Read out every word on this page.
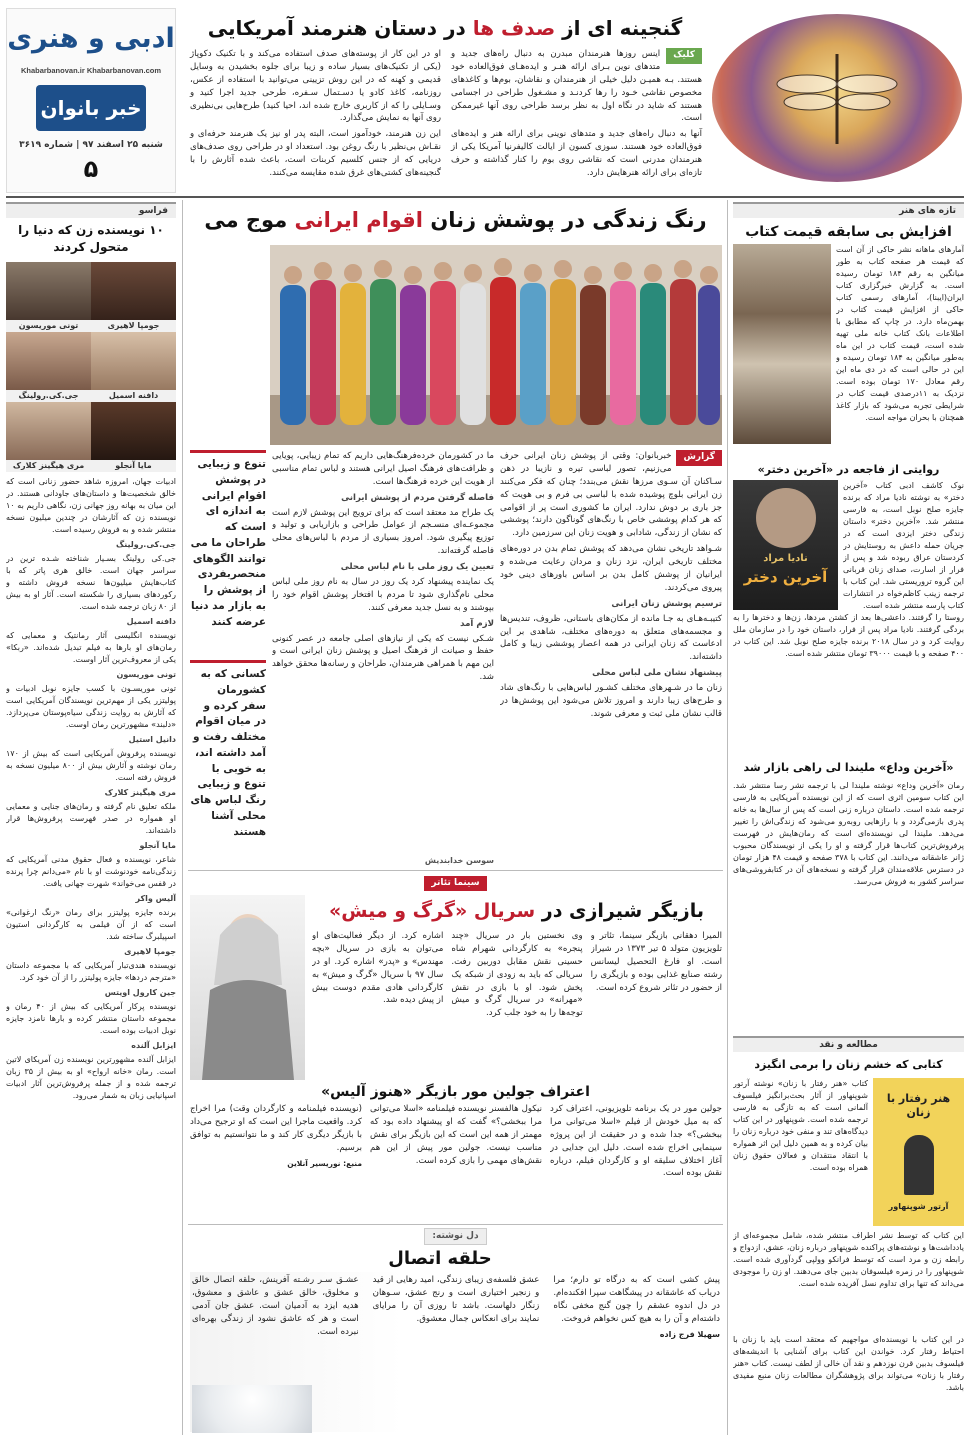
ادبی و هنری
Khabarbanovan.ir Khabarbanovan.com
خبر بانوان
شنبه ۲۵ اسفند ۹۷ | شماره ۳۶۱۹
۵
گنجینه ای از صدف ها در دستان هنرمند آمریکایی
کلیک

اینس روزها هنرمندان مبدرن به دنبال راه‌های جدید و متدهای نوین بـرای ارائه هنـر و ایده‌هـای فوق‌العاده خود هستند. بـه همیـن دلیل خیلی از هنرمندان و نقاشان، بوم‌ها و کاغذهای مخصوص نقاشی خـود را رها کردنـد و مشـغول طراحی در اجسامی هستند که شاید در نگاه اول به نظر برسد طراحی روی آنها غیرممکن است.

آنها به دنبال راه‌های جدید و متدهای نوینی برای ارائه هنر و ایده‌های فوق‌العاده خود هستند. سوزی کسون از ایالت کالیفرنیا آمریکا یکی از هنرمندان مدرنی است که نقاشی روی بوم را کنار گذاشته و حرف تازه‌ای برای ارائه هنرهایش دارد.

او در این کار از پوسته‌های صدف استفاده می‌کند و با تکنیک دکوپاژ (یکی از تکنیک‌های بسیار ساده و زیبا برای جلوه بخشیدن به وسایل قدیمی و کهنه که در این روش تزیینی می‌توانید با استفاده از عکس، روزنامه، کاغذ کادو یا دسـتمال سـفره، طرحی جدید اجرا کنید و وسـایلی را که از کاربری خارج شده اند، احیا کنید) طرح‌هایی بی‌نظیری روی آنها به نمایش می‌گذارد.

این زن هنرمند، خودآموز است، البته پدر او نیز یک هنرمند حرفه‌ای و نقـاش بی‌نظیر با رنگ روغن بود. استعداد او در طراحی روی صدف‌های دریایی که از جنس کلسیم کربنات است، باعث شده آثارش را با گنجینه‌های کشتی‌های غرق شده مقایسه می‌کنند.

تازه های هنر
افزایش بی سابقه قیمت کتاب
آمارهای ماهانه نشر حاکی از آن است که قیمت هر صفحه کتاب به طور میانگین به رقم ۱۸۴ تومان رسیده است. به گزارش خبرگزاری کتاب ایران(ایبنا)، آمارهای رسمی کتاب حاکی از افزایش قیمت کتاب در بهمن‌ماه دارد. در چاپ که مطابق با اطلاعات بانک کتاب خانه ملی تهیه شده است، قیمت کتاب در این ماه به‌طور میانگین به ۱۸۴ تومان رسیده و این در حالی است که در دی ماه این رقم معادل ۱۷۰ تومان بوده است. نزدیک به ۱۱درصدی قیمت کتاب در شرایطی تجربه می‌شود که بازار کاغذ همچنان با بحران مواجه است.
روایتی از فاجعه در «آخرین دختر»
نادیا مراد
آخرین دختر
نوک کاشف ادبی کتاب «آخرین دختر» به نوشته نادیا مراد که برنده جایزه صلح نوبل است، به فارسی منتشر شد. «آخرین دختر» داستان زندگی دختر ایزدی است که در جریان حمله داعش به روستایش در کردستان عراق ربوده شد و پس از فرار از اسارت، صدای زنان قربانی این گروه تروریستی شد. این کتاب با ترجمه زینب کاظم‌خواه در انتشارات کتاب پارسه منتشر شده است.
روستا را گرفتند. داعشی‌ها بعد از کشتن مردها، زن‌ها و دخترها را به بردگی گرفتند. نادیا مراد پس از فرار، داستان خود را در سازمان ملل روایت کرد و در سال ۲۰۱۸ برنده جایزه صلح نوبل شد. این کتاب در ۴۰۰ صفحه و با قیمت ۳۹۰۰۰ تومان منتشر شده است.
«آخرین وداع» ملیندا لی راهی بازار شد
رمان «آخرین وداع» نوشته ملیندا لی با ترجمه نشر رسا منتشر شد. این کتاب سومین اثری است که از این نویسنده آمریکایی به فارسی ترجمه شده است. داستان درباره زنی است که پس از سال‌ها به خانه پدری بازمی‌گردد و با رازهایی روبه‌رو می‌شود که زندگی‌اش را تغییر می‌دهد. ملیندا لی نویسنده‌ای است که رمان‌هایش در فهرست پرفروش‌ترین کتاب‌ها قرار گرفته و او را یکی از نویسندگان محبوب ژانر عاشقانه می‌دانند. این کتاب با ۳۷۸ صفحه و قیمت ۴۸ هزار تومان در دسترس علاقه‌مندان قرار گرفته و نسخه‌های آن در کتابفروشی‌های سراسر کشور به فروش می‌رسد.
مطالعه و نقد
کتابی که خشم زنان را برمی انگیزد
کتاب «هنر رفتار با زنان» نوشته آرتور شوپنهاور از آثار بحث‌برانگیز فیلسوف آلمانی است که به تازگی به فارسی ترجمه شده است. شوپنهاور در این کتاب دیدگاه‌های تند و منفی خود درباره زنان را بیان کرده و به همین دلیل این اثر همواره با انتقاد منتقدان و فعالان حقوق زنان همراه بوده است.
هنر رفتار با زنان
آرتور شوپنهاور
این کتاب که توسط نشر اطراف منتشر شده، شامل مجموعه‌ای از یادداشت‌ها و نوشته‌های پراکنده شوپنهاور درباره زنان، عشق، ازدواج و رابطه زن و مرد است که توسط فرانکو وولپی گردآوری شده است. شوپنهاور را در زمره فیلسوفان بدبین جای می‌دهند. او زن را موجودی می‌داند که تنها برای تداوم نسل آفریده شده است.
در این کتاب با نویسنده‌ای مواجهیم که معتقد است باید با زنان با احتیاط رفتار کرد. خواندن این کتاب برای آشنایی با اندیشه‌های فیلسوف بدبین قرن نوزدهم و نقد آن خالی از لطف نیست. کتاب «هنر رفتار با زنان» می‌تواند برای پژوهشگران مطالعات زنان منبع مفیدی باشد.
رنگ زندگی در پوشش زنان اقوام ایرانی موج می
تنوع و زیبایی در پوشش اقوام ایرانی به اندازه ای است که طراحان ما می توانند الگوهای منحصربفردی از پوشش را به بازار مد دنیا عرضه کنند
کسانی که به کشورمان سفر کرده و در میان اقوام مختلف رفت و آمد داشته اند، به خوبی با تنوع و زیبایی رنگ لباس های محلی آشنا هستند
گزارش

خبربانوان: وقتی از پوشش زنان ایرانی حرف می‌زنیم، تصور لباسی تیره و نازیبا در ذهن سـاکنان آن سـوی مرزها نقش می‌بندد؛ چنان که فکر می‌کنند زن ایرانی بلوچ پوشیده شده با لباسی بی فرم و بی هویت که جز باری بر دوش ندارد. ایران ما کشوری است پر از اقوامی که هر کدام پوششی خاص با رنگ‌های گوناگون دارند؛ پوششی که نشان از زندگی، شادابی و هویت زنان این سرزمین دارد.

شـواهد تاریخی نشان می‌دهد که پوشش تمام بدن در دوره‌های مختلف تاریخی ایران، نزد زنان و مردان رعایت می‌شده و ایرانیان از پوشش کامل بدن بر اساس باورهای دینی خود پیروی می‌کردند.

ترسیم پوشش زنان ایرانی

کتیبـه‌هـای به جـا مانده از مکان‌های باستانی، ظروف، تندیس‌ها و مجسمه‌های متعلق به دوره‌های مختلف، شاهدی بر این ادعاست که زنان ایرانی در همه اعصار پوششی زیبا و کامل داشته‌اند.

پیشنهاد نشان ملی لباس محلی

زنان ما در شـهرهای مختلف کشـور لباس‌هایی با رنگ‌های شاد و طرح‌های زیبا دارند و امروز تلاش می‌شود این پوشش‌ها در قالب نشان ملی ثبت و معرفی شوند.

ما در کشورمان خرده‌فرهنگ‌هایی داریم که تمام زیبایی، پویایی و ظرافت‌های فرهنگ اصیل ایرانی هستند و لباس تمام مناسبی از هویت این خرده فرهنگ‌ها است.

فاصله گرفتن مردم از پوشش ایرانی

یک طراح مد معتقد است که برای ترویج این پوشش لازم است مجموعـه‌ای منسـجم از عوامل طراحی و بازاریابی و تولید و توزیع پیگیری شود. امروز بسیاری از مردم با لباس‌های محلی فاصله گرفته‌اند.

تعیین یک روز ملی با نام لباس محلی

یک نماینده پیشنهاد کرد یک روز در سال به نام روز ملی لباس محلی نام‌گذاری شود تا مردم با افتخار پوشش اقوام خود را بپوشند و به نسل جدید معرفی کنند.

لازم آمد

شـکی نیست که یکی از نیازهای اصلی جامعه در عصر کنونی حفظ و صیانت از فرهنگ اصیل و پوشش زنان ایرانی است و این مهم با همراهی هنرمندان، طراحان و رسانه‌ها محقق خواهد شد.

سوسن خدابندیش
سینما تئاتر
بازیگر شیرازی در سریال «گرگ و میش»
المیرا دهقانی بازیگر سینما، تئاتر و تلویزیون متولد ۵ تیر ۱۳۷۳ در شیراز است. او فارغ التحصیل لیسانس رشته صنایع غذایی بوده و بازیگری را از حضور در تئاتر شروع کرده است.
وی نخستین بار در سریال «چند پنجره» به کارگردانی شهرام شاه حسینی نقش مقابل دوربین رفت. سریالی که باید به زودی از شبکه یک پخش شود. او با بازی در نقش «مهرانه» در سریال گرگ و میش توجه‌ها را به خود جلب کرد.
اشاره کرد. از دیگر فعالیت‌های او می‌توان به بازی در سریال «بچه مهندس» و «پدر» اشاره کرد. او در سال ۹۷ با سریال «گرگ و میش» به کارگردانی هادی مقدم دوست بیش از پیش دیده شد.
اعتراف جولین مور بازیگر «هنوز آلیس»
جولین مور در یک برنامه تلویزیونی، اعتراف کرد که به میل خودش از فیلم «اسلا می‌توانی مرا ببخشی؟» جدا شده و در حقیقت از این پروژه سینمایی اخراج شده است. دلیل این جدایی در آغاز اختلاف سلیقه او و کارگردان فیلم، درباره نقش بوده است.
نیکول هالفسنر نویسنده فیلمنامه «اسلا می‌توانی مرا ببخشی؟» گفت که او پیشنهاد داده بود که مهمتر از همه این است که این بازیگر برای نقش مناسب نیست. جولین مور پیش از این هم نقش‌های مهمی را بازی کرده است.

(نویسنده فیلمنامه و کارگردان وقت) مرا اخراج کرد. واقعیت ماجرا این است که او ترجیح می‌داد با بازیگر دیگری کار کند و ما نتوانستیم به توافق برسیم.

منبع: نوریسیر آنلاین

دل نوشته:
حلقه اتصال

پیش کشی است که به درگاه تو دارم؛ مرا دریاب که عاشقانه در پیشگاهت سپرا افکنده‌ام. در دل اندوه عشقم را چون گنج مخفی نگاه داشته‌ام و آن را به هیچ کس نخواهم فروخت.

سهیلا فرج زاده

عشق فلسفه‌ی زیبای زندگی، امید رهایی از قید و زنجیر اختیاری است و رنج عشق، سـوهان زنگار دلهاست. باشد تا روزی آن را مرایای نمایند برای انعکاس جمال معشوق.
عشـق سـر رشـته آفرینش، حلقه اتصال خالق و مخلوق، خالق عشق و عاشق و معشوق، هدیه ایزد به آدمیان است. عشق جان آدمی است و هر که عاشق نشود از زندگی بهره‌ای نبرده است.
فراسو
۱۰ نویسنده زن که دنیا را متحول کردند
جومپا لاهیری
تونی موریسون
دافنه اسمیل
جی.کی.رولینگ
مایا آنجلو
مری هیگینز کلارک

ادبیات جهان، امروزه شاهد حضور زنانی است که خالق شخصیت‌ها و داستان‌های جاودانی هستند. در این میان به بهانه روز جهانی زن، نگاهی داریم به ۱۰ نویسنده زن که آثارشان در چندین میلیون نسخه منتشر شده و به فروش رسیده است.

جی.کی.رولینگ

جی.کی رولینگ بسـیار شناخته شـده ترین در سراسر جهان است. خالق هری پاتر که با کتاب‌هایش میلیون‌ها نسخه فروش داشته و رکوردهای بسیاری را شکسته است. آثار او به بیش از ۸۰ زبان ترجمه شده است.

دافنه اسمیل

نویسنده انگلیسی آثار رمانتیک و معمایی که رمان‌های او بارها به فیلم تبدیل شده‌اند. «ربکا» یکی از معروف‌ترین آثار اوست.

تونی موریسون

تونی موریسـون با کسب جایزه نوبل ادبیات و پولیتزر یکی از مهم‌ترین نویسندگان آمریکایی است که آثارش به روایت زندگی سیاه‌پوستان می‌پردازد. «دلبند» مشهورترین رمان اوست.

دانیل استیل

نویسنده پرفروش آمریکایی است که بیش از ۱۷۰ رمان نوشته و آثارش بیش از ۸۰۰ میلیون نسخه به فروش رفته است.

مری هیگینز کلارک

ملکه تعلیق نام گرفته و رمان‌های جنایی و معمایی او همواره در صدر فهرست پرفروش‌ها قرار داشته‌اند.

مایا آنجلو

شاعر، نویسنده و فعال حقوق مدنی آمریکایی که زندگی‌نامه خودنوشت او با نام «می‌دانم چرا پرنده در قفس می‌خواند» شهرت جهانی یافت.

آلیس واکر

برنده جایزه پولیتزر برای رمان «رنگ ارغوانی» است که از آن فیلمی به کارگردانی استیون اسپیلبرگ ساخته شد.

جومپا لاهیری

نویسنده هندی‌تبار آمریکایی که با مجموعه داستان «مترجم دردها» جایزه پولیتزر را از آن خود کرد.

جین کارول اویتس

نویسنده پرکار آمریکایی که بیش از ۴۰ رمان و مجموعه داستان منتشر کرده و بارها نامزد جایزه نوبل ادبیات بوده است.

ایزابل آلنده

ایزابل آلنده مشهورترین نویسنده زن آمریکای لاتین است. رمان «خانه ارواح» او به بیش از ۳۵ زبان ترجمه شده و از جمله پرفروش‌ترین آثار ادبیات اسپانیایی زبان به شمار می‌رود.
